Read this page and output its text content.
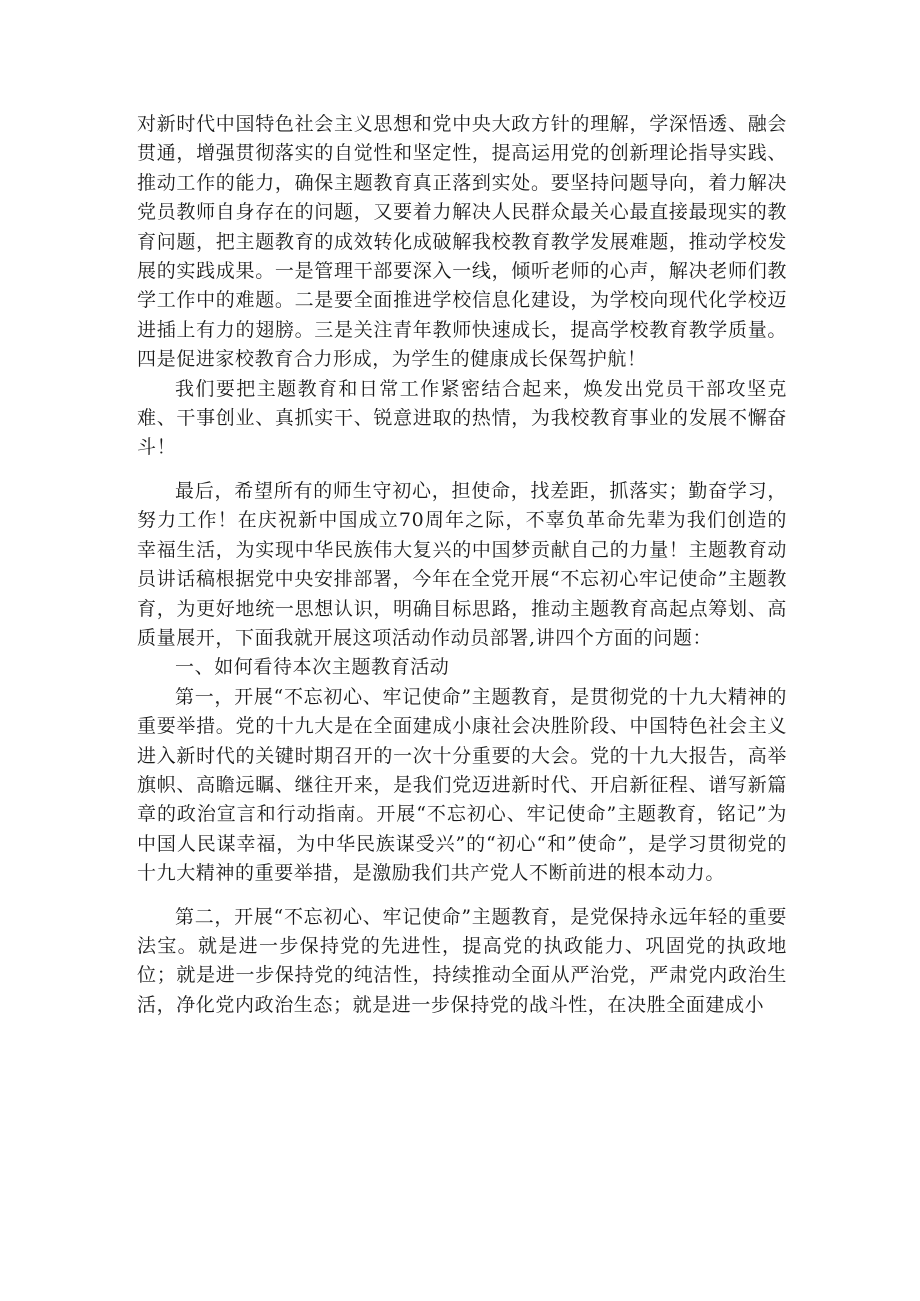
对新时代中国特色社会主义思想和党中央大政方针的理解，学深悟透、融会贯通，增强贯彻落实的自觉性和坚定性，提高运用党的创新理论指导实践、推动工作的能力，确保主题教育真正落到实处。要坚持问题导向，着力解决党员教师自身存在的问题，又要着力解决人民群众最关心最直接最现实的教育问题，把主题教育的成效转化成破解我校教育教学发展难题，推动学校发展的实践成果。一是管理干部要深入一线，倾听老师的心声，解决老师们教学工作中的难题。二是要全面推进学校信息化建设，为学校向现代化学校迈进插上有力的翅膀。三是关注青年教师快速成长，提高学校教育教学质量。四是促进家校教育合力形成，为学生的健康成长保驾护航！

我们要把主题教育和日常工作紧密结合起来，焕发出党员干部攻坚克难、干事创业、真抓实干、锐意进取的热情，为我校教育事业的发展不懈奋斗！

最后，希望所有的师生守初心，担使命，找差距，抓落实；勤奋学习，努力工作！在庆祝新中国成立70周年之际，不辜负革命先辈为我们创造的幸福生活，为实现中华民族伟大复兴的中国梦贡献自己的力量！主题教育动员讲话稿根据党中央安排部署，今年在全党开展“不忘初心牢记使命”主题教育，为更好地统一思想认识，明确目标思路，推动主题教育高起点筹划、高质量展开，下面我就开展这项活动作动员部署,讲四个方面的问题：

一、如何看待本次主题教育活动

第一，开展“不忘初心、牢记使命”主题教育，是贯彻党的十九大精神的重要举措。党的十九大是在全面建成小康社会决胜阶段、中国特色社会主义进入新时代的关键时期召开的一次十分重要的大会。党的十九大报告，高举旗帜、高瞻远瞩、继往开来，是我们党迈进新时代、开启新征程、谱写新篇章的政治宣言和行动指南。开展“不忘初心、牢记使命”主题教育，铭记”为中国人民谋幸福，为中华民族谋受兴”的“初心“和”使命”，是学习贯彻党的十九大精神的重要举措，是激励我们共产党人不断前进的根本动力。

第二，开展“不忘初心、牢记使命”主题教育，是党保持永远年轻的重要法宝。就是进一步保持党的先进性，提高党的执政能力、巩固党的执政地位；就是进一步保持党的纯洁性，持续推动全面从严治党，严肃党内政治生活，净化党内政治生态；就是进一步保持党的战斗性，在决胜全面建成小
